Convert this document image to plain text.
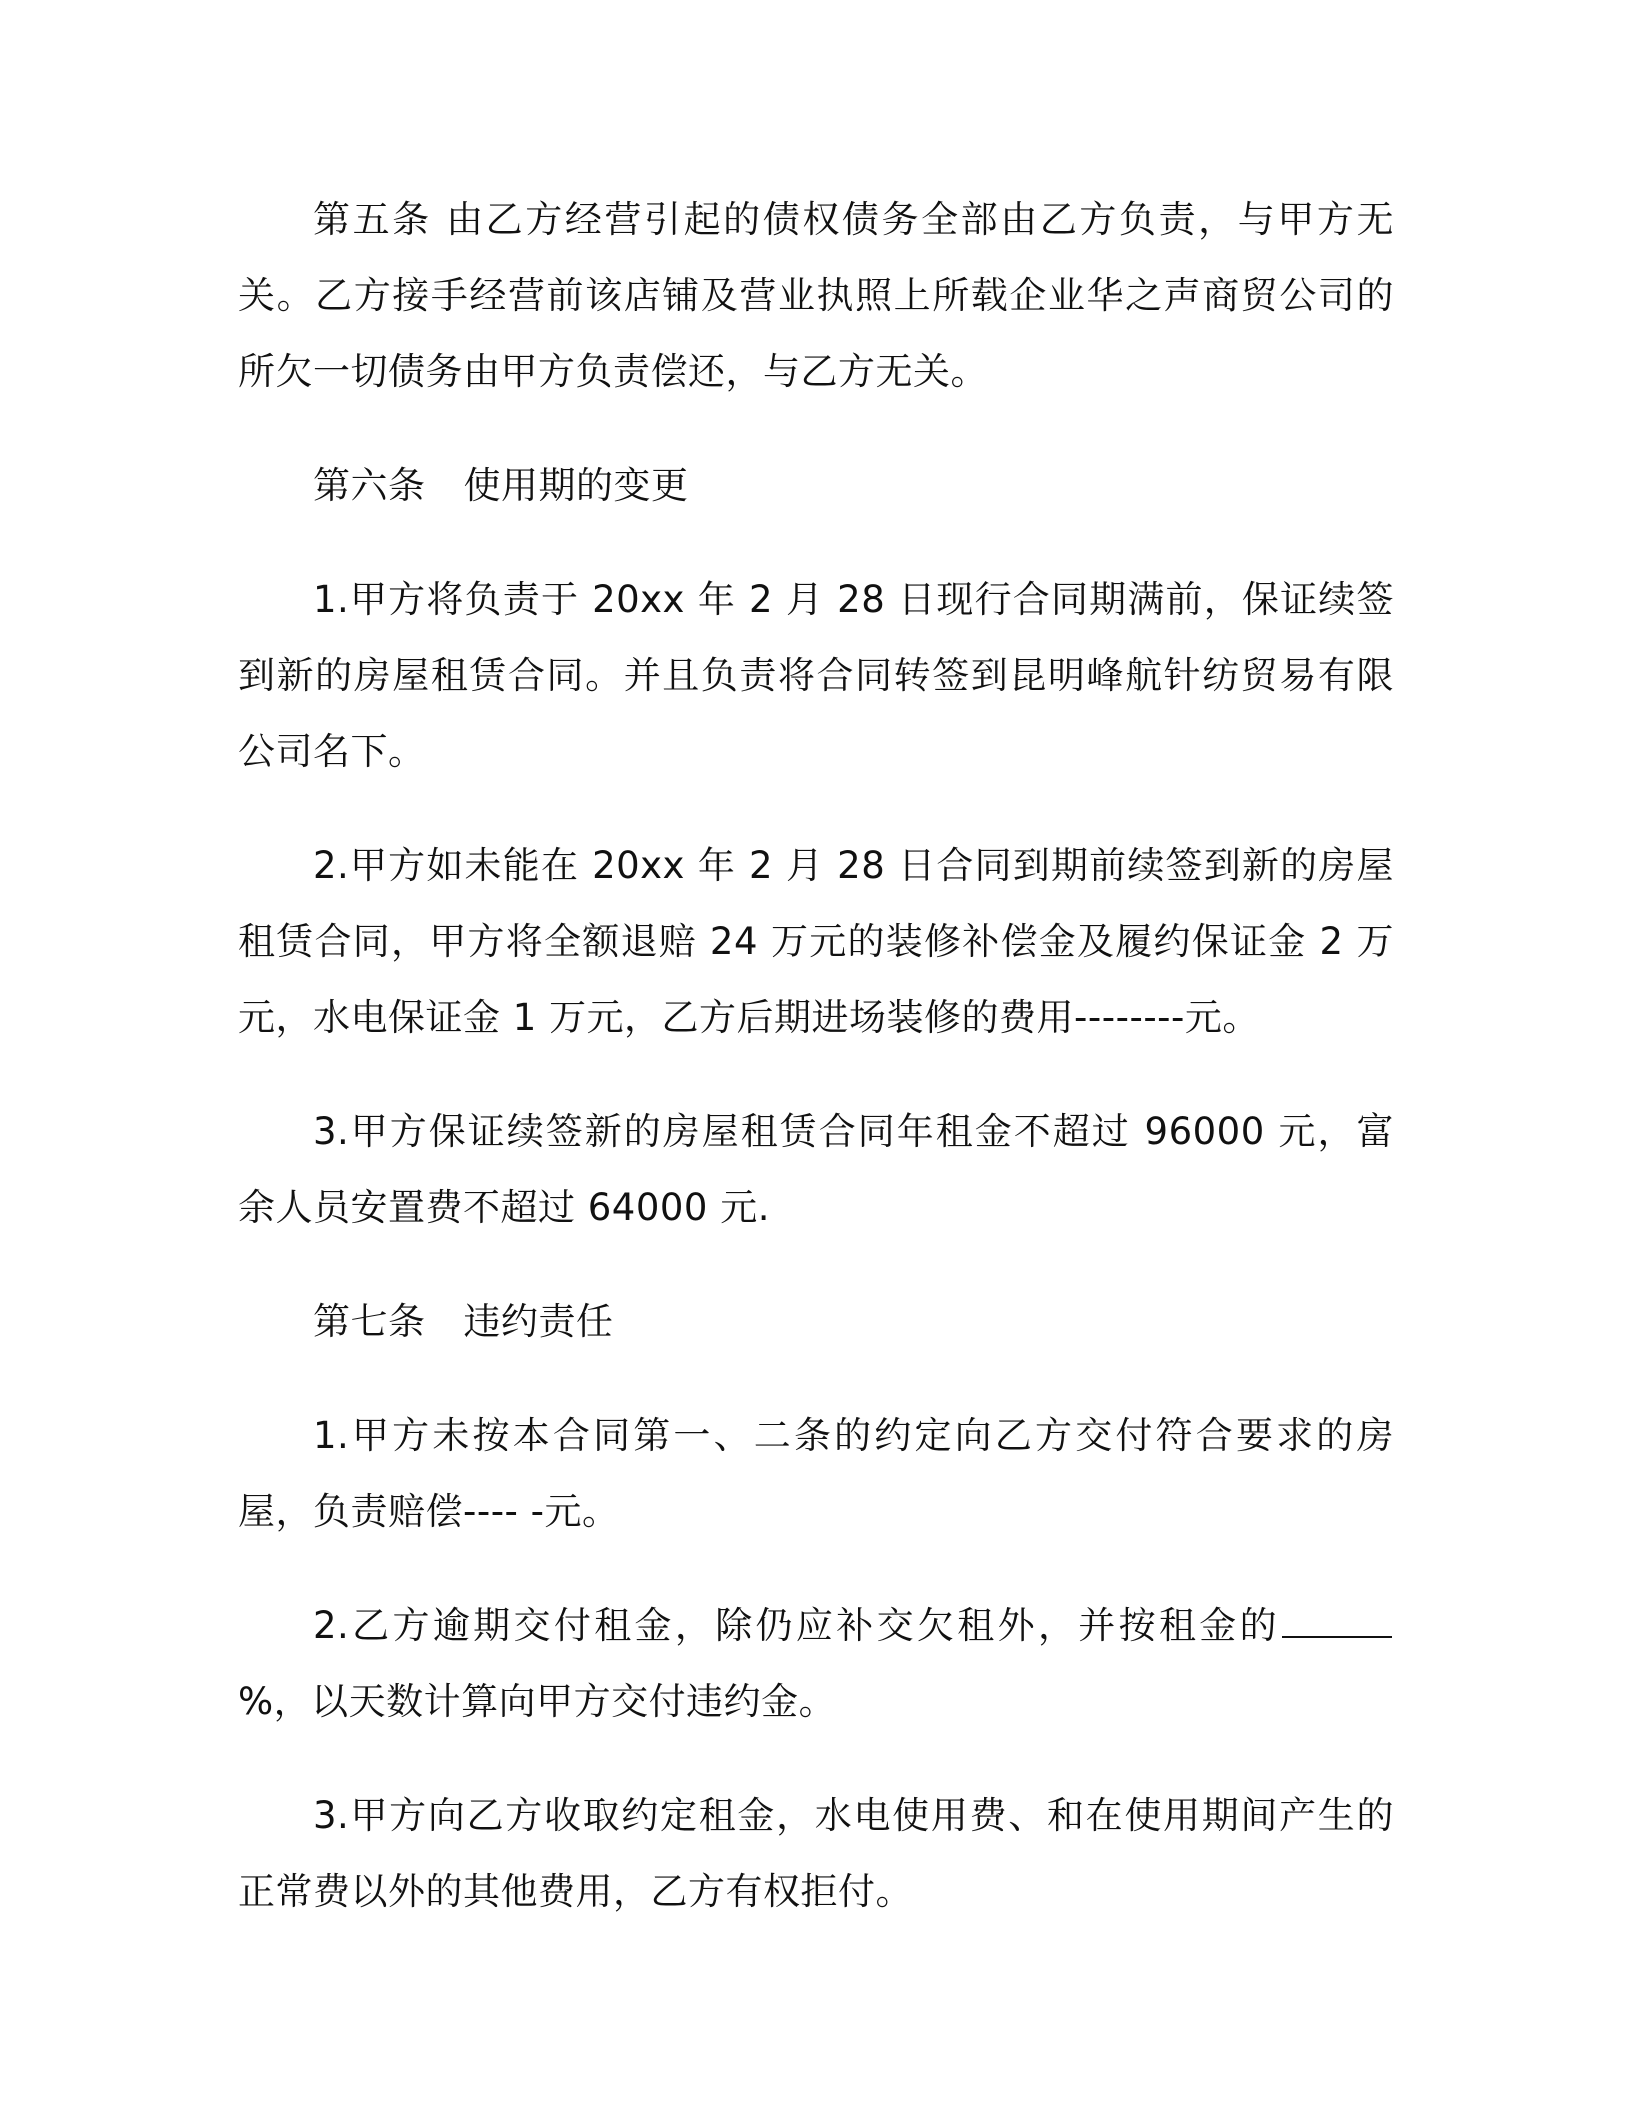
第五条 由乙方经营引起的债权债务全部由乙方负责，与甲方无关。乙方接手经营前该店铺及营业执照上所载企业华之声商贸公司的所欠一切债务由甲方负责偿还，与乙方无关。

第六条 使用期的变更

1.甲方将负责于 20xx 年 2 月 28 日现行合同期满前，保证续签到新的房屋租赁合同。并且负责将合同转签到昆明峰航针纺贸易有限公司名下。

2.甲方如未能在 20xx 年 2 月 28 日合同到期前续签到新的房屋租赁合同，甲方将全额退赔 24 万元的装修补偿金及履约保证金 2 万元，水电保证金 1 万元，乙方后期进场装修的费用--------元。

3.甲方保证续签新的房屋租赁合同年租金不超过 96000 元，富余人员安置费不超过 64000 元.

第七条 违约责任

1.甲方未按本合同第一、二条的约定向乙方交付符合要求的房屋，负责赔偿---- -元。

2.乙方逾期交付租金，除仍应补交欠租外，并按租金的%，以天数计算向甲方交付违约金。

3.甲方向乙方收取约定租金，水电使用费、和在使用期间产生的正常费以外的其他费用，乙方有权拒付。
